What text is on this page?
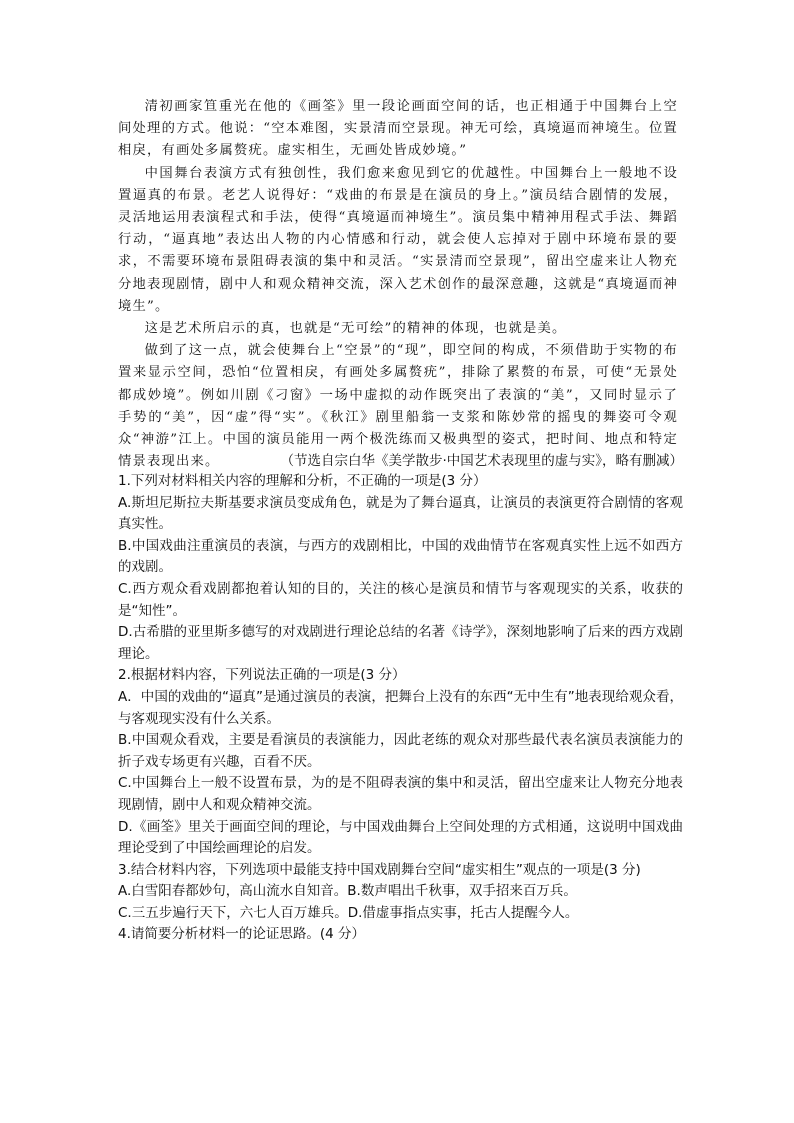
清初画家笪重光在他的《画筌》里一段论画面空间的话，也正相通于中国舞台上空间处理的方式。他说：“空本难图，实景清而空景现。神无可绘，真境逼而神境生。位置相戾，有画处多属赘疣。虚实相生，无画处皆成妙境。”

中国舞台表演方式有独创性，我们愈来愈见到它的优越性。中国舞台上一般地不设置逼真的布景。老艺人说得好：“戏曲的布景是在演员的身上。”演员结合剧情的发展，灵活地运用表演程式和手法，使得“真境逼而神境生”。演员集中精神用程式手法、舞蹈行动，“逼真地”表达出人物的内心情感和行动，就会使人忘掉对于剧中环境布景的要求，不需要环境布景阻碍表演的集中和灵活。“实景清而空景现”，留出空虚来让人物充分地表现剧情，剧中人和观众精神交流，深入艺术创作的最深意趣，这就是“真境逼而神境生”。

这是艺术所启示的真，也就是“无可绘”的精神的体现，也就是美。

做到了这一点，就会使舞台上“空景”的“现”，即空间的构成，不须借助于实物的布置来显示空间，恐怕“位置相戾，有画处多属赘疣”，排除了累赘的布景，可使“无景处都成妙境”。例如川剧《刁窗》一场中虚拟的动作既突出了表演的“美”，又同时显示了手势的“美”，因“虚”得“实”。《秋江》剧里船翁一支浆和陈妙常的摇曳的舞姿可令观众“神游”江上。中国的演员能用一两个极洗练而又极典型的姿式，把时间、地点和特定情景表现出来。	（节选自宗白华《美学散步·中国艺术表现里的虚与实》，略有删减）

1.下列对材料相关内容的理解和分析，不正确的一项是(3 分）

A.斯坦尼斯拉夫斯基要求演员变成角色，就是为了舞台逼真，让演员的表演更符合剧情的客观真实性。

B.中国戏曲注重演员的表演，与西方的戏剧相比，中国的戏曲情节在客观真实性上远不如西方的戏剧。

C.西方观众看戏剧都抱着认知的目的，关注的核心是演员和情节与客观现实的关系，收获的是“知性”。

D.古希腊的亚里斯多德写的对戏剧进行理论总结的名著《诗学》，深刻地影响了后来的西方戏剧理论。

2.根据材料内容，下列说法正确的一项是(3 分）

A．中国的戏曲的“逼真”是通过演员的表演，把舞台上没有的东西“无中生有”地表现给观众看，与客观现实没有什么关系。

B.中国观众看戏，主要是看演员的表演能力，因此老练的观众对那些最代表名演员表演能力的折子戏专场更有兴趣，百看不厌。

C.中国舞台上一般不设置布景，为的是不阻碍表演的集中和灵活，留出空虚来让人物充分地表现剧情，剧中人和观众精神交流。

D.《画筌》里关于画面空间的理论，与中国戏曲舞台上空间处理的方式相通，这说明中国戏曲理论受到了中国绘画理论的启发。

3.结合材料内容，下列选项中最能支持中国戏剧舞台空间“虚实相生”观点的一项是(3 分)

A.白雪阳春都妙句，高山流水自知音。B.数声唱出千秋事，双手招来百万兵。

C.三五步遍行天下，六七人百万雄兵。D.借虚事指点实事，托古人提醒今人。

4.请简要分析材料一的论证思路。(4 分）
